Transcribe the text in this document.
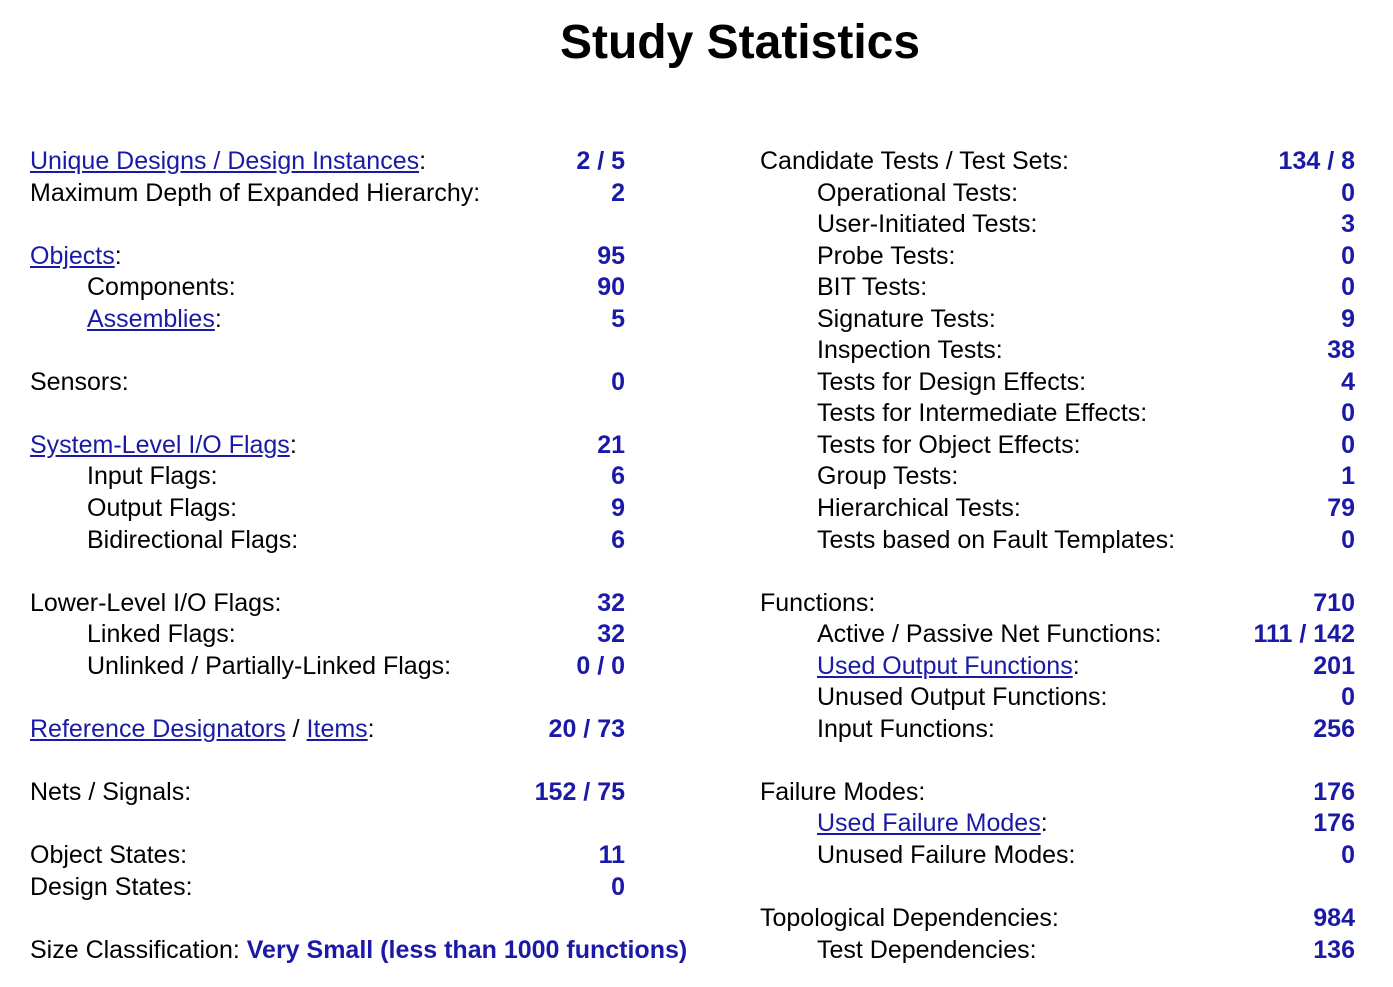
Study Statistics
Unique Designs / Design Instances:	2 / 5
Maximum Depth of Expanded Hierarchy:	2
Objects:	95
Components:	90
Assemblies:	5
Sensors:	0
System-Level I/O Flags:	21
Input Flags:	6
Output Flags:	9
Bidirectional Flags:	6
Lower-Level I/O Flags:	32
Linked Flags:	32
Unlinked / Partially-Linked Flags:	0 / 0
Reference Designators / Items:	20 / 73
Nets / Signals:	152 / 75
Object States:	11
Design States:	0
Size Classification: Very Small (less than 1000 functions)
Candidate Tests / Test Sets:	134 / 8
Operational Tests:	0
User-Initiated Tests:	3
Probe Tests:	0
BIT Tests:	0
Signature Tests:	9
Inspection Tests:	38
Tests for Design Effects:	4
Tests for Intermediate Effects:	0
Tests for Object Effects:	0
Group Tests:	1
Hierarchical Tests:	79
Tests based on Fault Templates:	0
Functions:	710
Active / Passive Net Functions:	111 / 142
Used Output Functions:	201
Unused Output Functions:	0
Input Functions:	256
Failure Modes:	176
Used Failure Modes:	176
Unused Failure Modes:	0
Topological Dependencies:	984
Test Dependencies:	136
